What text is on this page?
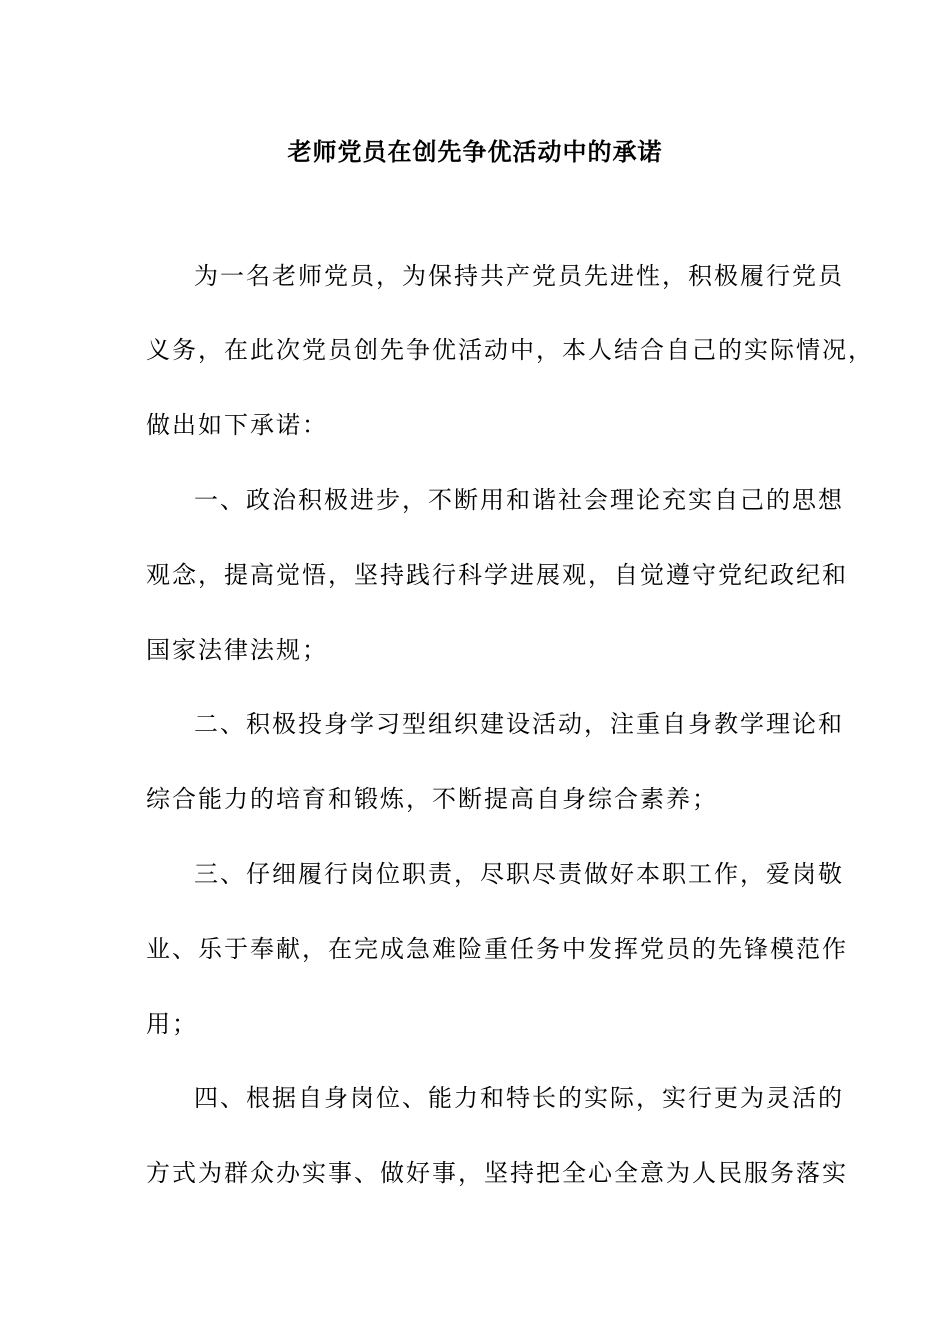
老师党员在创先争优活动中的承诺

为一名老师党员，为保持共产党员先进性，积极履行党员

义务，在此次党员创先争优活动中，本人结合自己的实际情况，

做出如下承诺：

一、政治积极进步，不断用和谐社会理论充实自己的思想

观念，提高觉悟，坚持践行科学进展观，自觉遵守党纪政纪和

国家法律法规；

二、积极投身学习型组织建设活动，注重自身教学理论和

综合能力的培育和锻炼，不断提高自身综合素养；

三、仔细履行岗位职责，尽职尽责做好本职工作，爱岗敬

业、乐于奉献，在完成急难险重任务中发挥党员的先锋模范作

用；

四、根据自身岗位、能力和特长的实际，实行更为灵活的

方式为群众办实事、做好事，坚持把全心全意为人民服务落实
